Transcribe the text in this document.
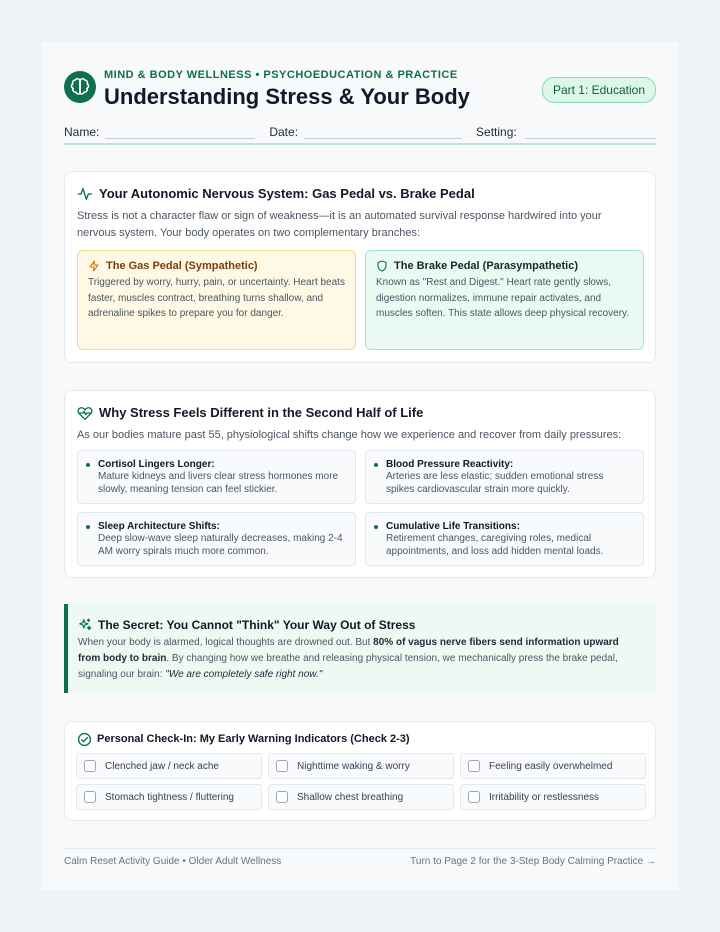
MIND & BODY WELLNESS • PSYCHOEDUCATION & PRACTICE
Understanding Stress & Your Body	Part 1: Education
Name:	Date:	Setting:
Your Autonomic Nervous System: Gas Pedal vs. Brake Pedal
Stress is not a character flaw or sign of weakness—it is an automated survival response hardwired into your nervous system. Your body operates on two complementary branches:
The Gas Pedal (Sympathetic)
Triggered by worry, hurry, pain, or uncertainty. Heart beats faster, muscles contract, breathing turns shallow, and adrenaline spikes to prepare you for danger.
The Brake Pedal (Parasympathetic)
Known as "Rest and Digest." Heart rate gently slows, digestion normalizes, immune repair activates, and muscles soften. This state allows deep physical recovery.
Why Stress Feels Different in the Second Half of Life
As our bodies mature past 55, physiological shifts change how we experience and recover from daily pressures:
Cortisol Lingers Longer:
Mature kidneys and livers clear stress hormones more slowly, meaning tension can feel stickier.
Blood Pressure Reactivity:
Arteries are less elastic; sudden emotional stress spikes cardiovascular strain more quickly.
Sleep Architecture Shifts:
Deep slow-wave sleep naturally decreases, making 2-4 AM worry spirals much more common.
Cumulative Life Transitions:
Retirement changes, caregiving roles, medical appointments, and loss add hidden mental loads.
The Secret: You Cannot "Think" Your Way Out of Stress
When your body is alarmed, logical thoughts are drowned out. But 80% of vagus nerve fibers send information upward from body to brain. By changing how we breathe and releasing physical tension, we mechanically press the brake pedal, signaling our brain: "We are completely safe right now."
Personal Check-In: My Early Warning Indicators (Check 2-3)
Clenched jaw / neck ache	Nighttime waking & worry	Feeling easily overwhelmed
Stomach tightness / fluttering	Shallow chest breathing	Irritability or restlessness
Calm Reset Activity Guide • Older Adult Wellness	Turn to Page 2 for the 3-Step Body Calming Practice →
